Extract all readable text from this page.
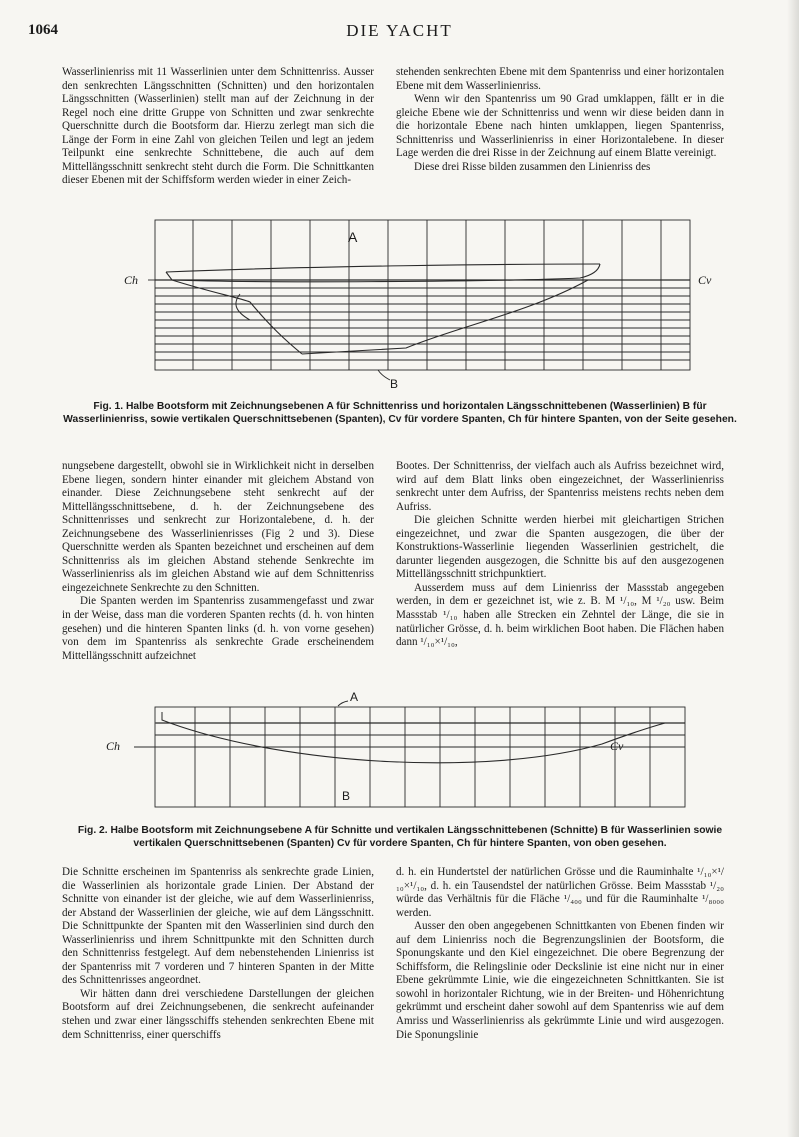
1064	DIE YACHT

Wasserlinienriss mit 11 Wasserlinien unter dem Schnittenriss. Ausser den senkrechten Längsschnitten (Schnitten) und den horizontalen Längsschnitten (Wasserlinien) stellt man auf der Zeichnung in der Regel noch eine dritte Gruppe von Schnitten und zwar senkrechte Querschnitte durch die Bootsform dar. Hierzu zerlegt man sich die Länge der Form in eine Zahl von gleichen Teilen und legt an jedem Teilpunkt eine senkrechte Schnittebene, die auch auf dem Mittellängsschnitt senkrecht steht durch die Form. Die Schnittkanten dieser Ebenen mit der Schiffsform werden wieder in einer Zeich-

stehenden senkrechten Ebene mit dem Spantenriss und einer horizontalen Ebene mit dem Wasserlinienriss.

Wenn wir den Spantenriss um 90 Grad umklappen, fällt er in die gleiche Ebene wie der Schnittenriss und wenn wir diese beiden dann in die horizontale Ebene nach hinten umklappen, liegen Spantenriss, Schnittenriss und Wasserlinienriss in einer Horizontalebene. In dieser Lage werden die drei Risse in der Zeichnung auf einem Blatte vereinigt.

Diese drei Risse bilden zusammen den Linienriss des

A
Ch	Cv
B
Fig. 1. Halbe Bootsform mit Zeichnungsebenen A für Schnittenriss und horizontalen Längsschnittebenen (Wasserlinien) B für Wasserlinienriss, sowie vertikalen Querschnittsebenen (Spanten), Cv für vordere Spanten, Ch für hintere Spanten, von der Seite gesehen.

nungsebene dargestellt, obwohl sie in Wirklichkeit nicht in derselben Ebene liegen, sondern hinter einander mit gleichem Abstand von einander. Diese Zeichnungsebene steht senkrecht auf der Mittellängsschnittsebene, d. h. der Zeichnungsebene des Schnittenrisses und senkrecht zur Horizontalebene, d. h. der Zeichnungsebene des Wasserlinienrisses (Fig 2 und 3). Diese Querschnitte werden als Spanten bezeichnet und erscheinen auf dem Schnittenriss als im gleichen Abstand stehende Senkrechte im Wasserlinienriss als im gleichen Abstand wie auf dem Schnittenriss eingezeichnete Senkrechte zu den Schnitten.

Die Spanten werden im Spantenriss zusammengefasst und zwar in der Weise, dass man die vorderen Spanten rechts (d. h. von hinten gesehen) und die hinteren Spanten links (d. h. von vorne gesehen) von dem im Spantenriss als senkrechte Grade erscheinendem Mittellängsschnitt aufzeichnet

Bootes. Der Schnittenriss, der vielfach auch als Aufriss bezeichnet wird, wird auf dem Blatt links oben eingezeichnet, der Wasserlinienriss senkrecht unter dem Aufriss, der Spantenriss meistens rechts neben dem Aufriss.

Die gleichen Schnitte werden hierbei mit gleichartigen Strichen eingezeichnet, und zwar die Spanten ausgezogen, die über der Konstruktions-Wasserlinie liegenden Wasserlinien gestrichelt, die darunter liegenden ausgezogen, die Schnitte bis auf den ausgezogenen Mittellängsschnitt strichpunktiert.

Ausserdem muss auf dem Linienriss der Massstab angegeben werden, in dem er gezeichnet ist, wie z. B. M ¹/₁₀, M ¹/₂₀ usw. Beim Massstab ¹/₁₀ haben alle Strecken ein Zehntel der Länge, die sie in natürlicher Grösse, d. h. beim wirklichen Boot haben. Die Flächen haben dann ¹/₁₀×¹/₁₀,

A
Ch	Cv
B
Fig. 2. Halbe Bootsform mit Zeichnungsebene A für Schnitte und vertikalen Längsschnittebenen (Schnitte) B für Wasserlinien sowie vertikalen Querschnittsebenen (Spanten) Cv für vordere Spanten, Ch für hintere Spanten, von oben gesehen.

Die Schnitte erscheinen im Spantenriss als senkrechte grade Linien, die Wasserlinien als horizontale grade Linien. Der Abstand der Schnitte von einander ist der gleiche, wie auf dem Wasserlinienriss, der Abstand der Wasserlinien der gleiche, wie auf dem Längsschnitt. Die Schnittpunkte der Spanten mit den Wasserlinien sind durch den Wasserlinienriss und ihrem Schnittpunkte mit den Schnitten durch den Schnittenriss festgelegt. Auf dem nebenstehenden Linienriss ist der Spantenriss mit 7 vorderen und 7 hinteren Spanten in der Mitte des Schnittenrisses angeordnet.

Wir hätten dann drei verschiedene Darstellungen der gleichen Bootsform auf drei Zeichnungsebenen, die senkrecht aufeinander stehen und zwar einer längsschiffs stehenden senkrechten Ebene mit dem Schnittenriss, einer querschiffs

d. h. ein Hundertstel der natürlichen Grösse und die Rauminhalte ¹/₁₀×¹/₁₀×¹/₁₀, d. h. ein Tausendstel der natürlichen Grösse. Beim Massstab ¹/₂₀ würde das Verhältnis für die Fläche ¹/₄₀₀ und für die Rauminhalte ¹/₈₀₀₀ werden.

Ausser den oben angegebenen Schnittkanten von Ebenen finden wir auf dem Linienriss noch die Begrenzungslinien der Bootsform, die Sponungskante und den Kiel eingezeichnet. Die obere Begrenzung der Schiffsform, die Relingslinie oder Deckslinie ist eine nicht nur in einer Ebene gekrümmte Linie, wie die eingezeichneten Schnittkanten. Sie ist sowohl in horizontaler Richtung, wie in der Breiten- und Höhenrichtung gekrümmt und erscheint daher sowohl auf dem Spantenriss wie auf dem Amriss und Wasserlinienriss als gekrümmte Linie und wird ausgezogen. Die Sponungslinie
